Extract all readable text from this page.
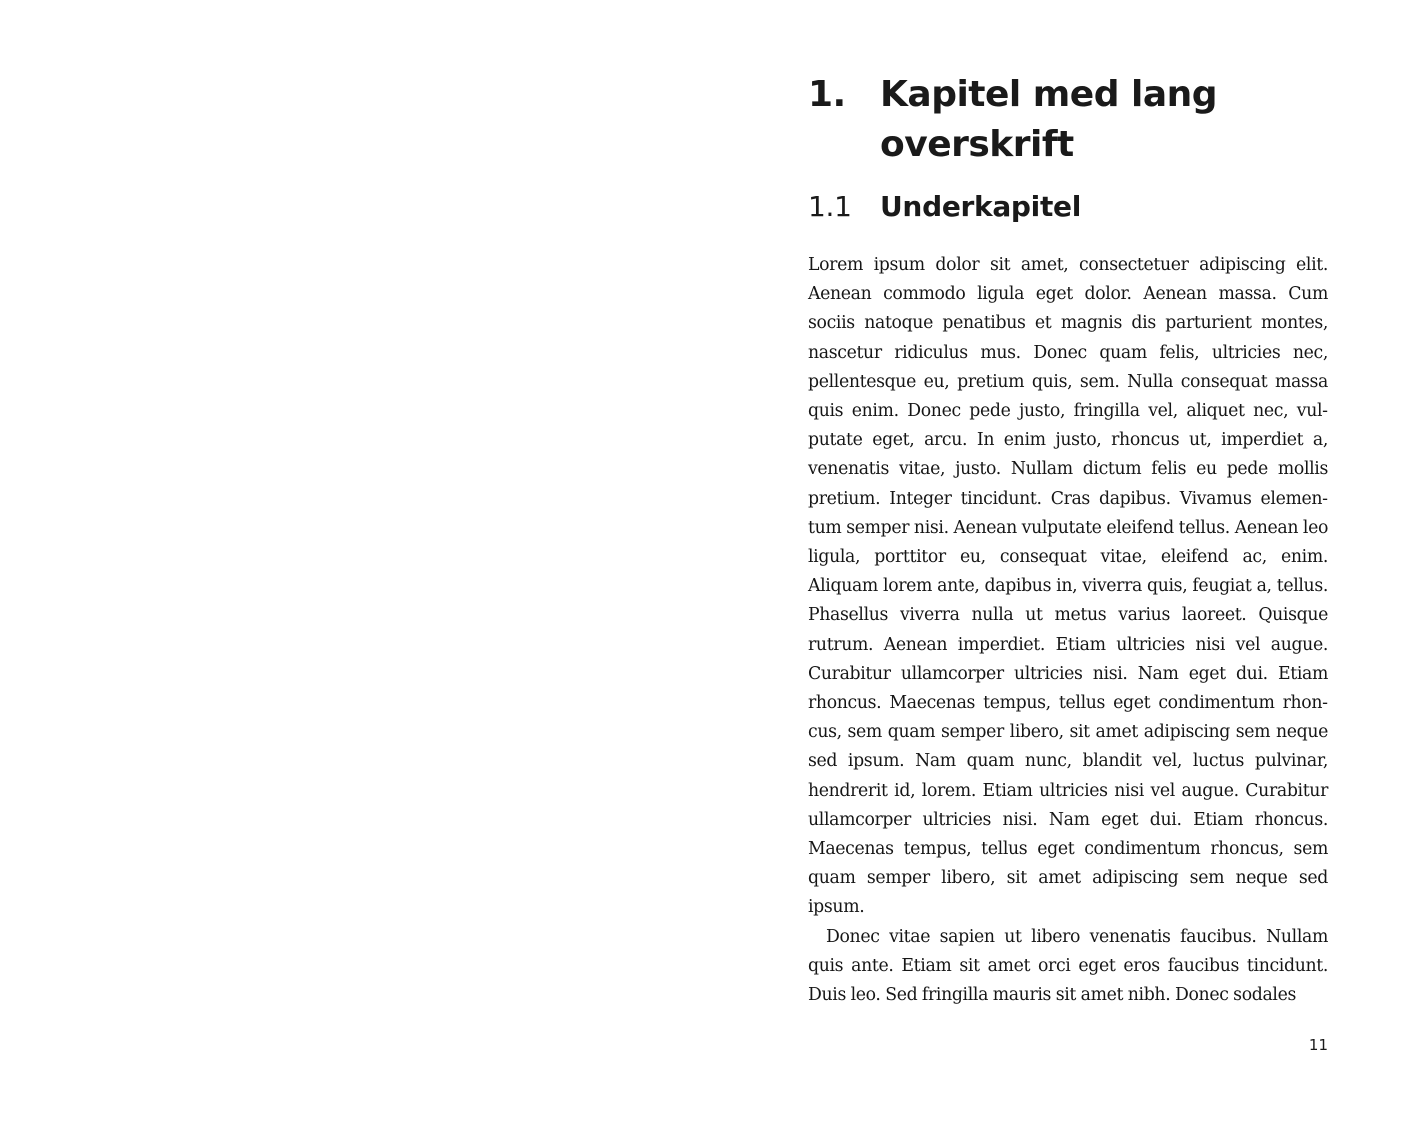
1. Kapitel med lang overskrift
1.1	Underkapitel

Lorem ipsum dolor sit amet, consectetuer adipiscing elit. Aenean commodo ligula eget dolor. Aenean massa. Cum sociis natoque penatibus et magnis dis parturient montes, nascetur ridiculus mus. Donec quam felis, ultricies nec, pellentesque eu, pretium quis, sem. Nulla consequat massa quis enim. Donec pede justo, fringilla vel, aliquet nec, vulputate eget, arcu. In enim justo, rhoncus ut, imperdiet a, venenatis vitae, justo. Nullam dictum felis eu pede mollis pretium. Integer tincidunt. Cras dapibus. Vivamus elementum semper nisi. Aenean vulputate eleifend tellus. Aenean leo ligula, porttitor eu, consequat vitae, eleifend ac, enim. Aliquam lorem ante, dapibus in, viverra quis, feugiat a, tellus. Phasellus viverra nulla ut metus varius laoreet. Quisque rutrum. Aenean imperdiet. Etiam ultricies nisi vel augue. Curabitur ullamcorper ultricies nisi. Nam eget dui. Etiam rhoncus. Maecenas tempus, tellus eget condimentum rhoncus, sem quam semper libero, sit amet adipiscing sem neque sed ipsum. Nam quam nunc, blandit vel, luctus pulvinar, hendrerit id, lorem. Etiam ultricies nisi vel augue. Curabitur ullamcorper ultricies nisi. Nam eget dui. Etiam rhoncus. Maecenas tempus, tellus eget condimentum rhoncus, sem quam semper libero, sit amet adipiscing sem neque sed ipsum.

Donec vitae sapien ut libero venenatis faucibus. Nullam quis ante. Etiam sit amet orci eget eros faucibus tincidunt. Duis leo. Sed fringilla mauris sit amet nibh. Donec sodales

11
